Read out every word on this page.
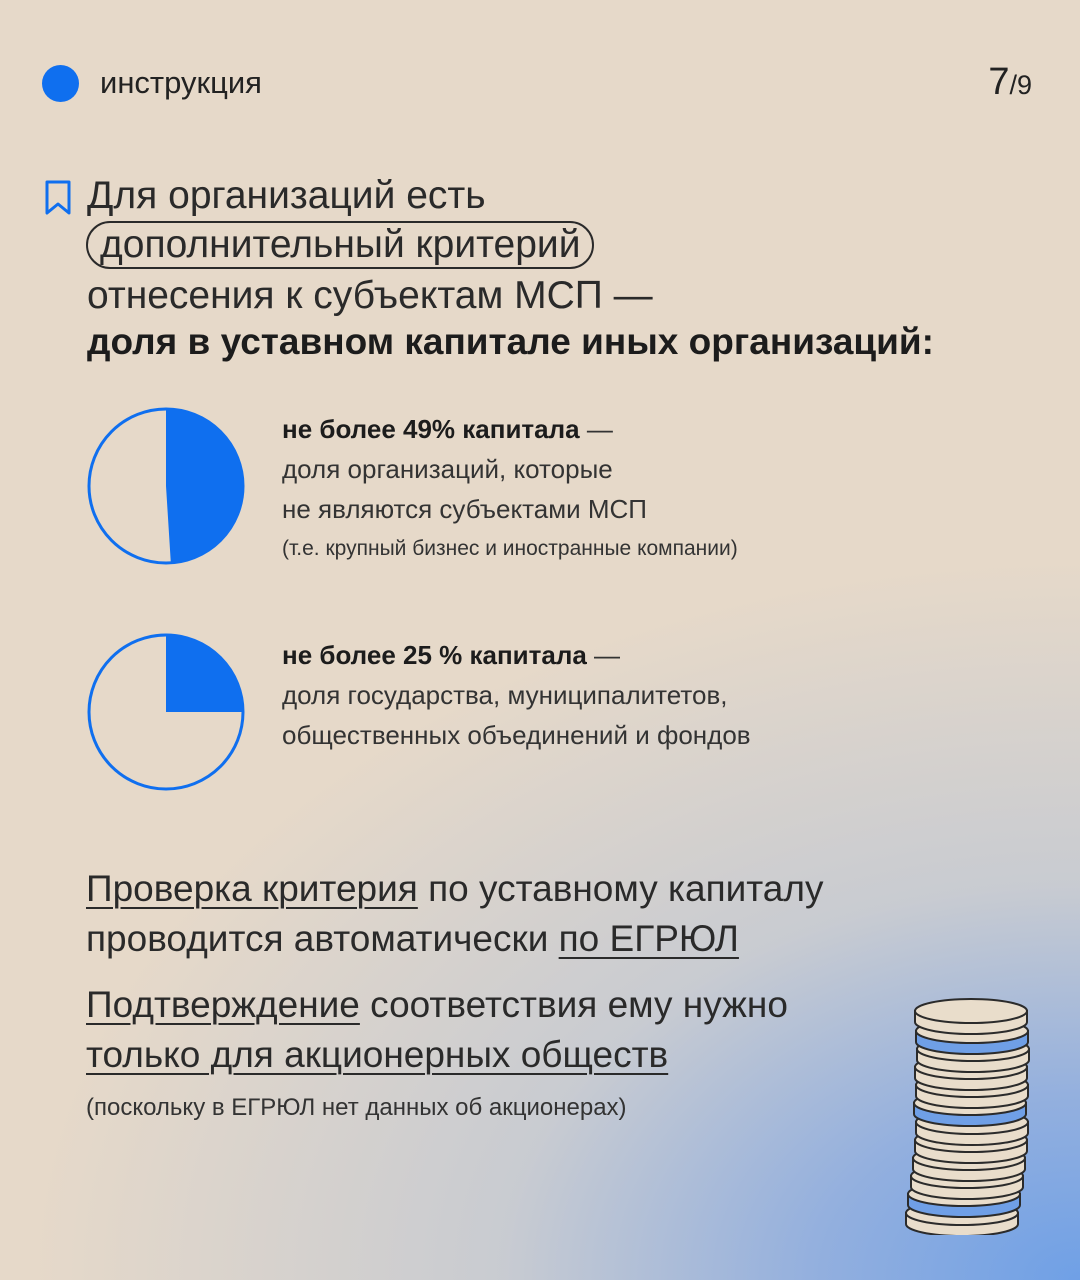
инструкция	7/9
Для организаций есть
дополнительный критерий
отнесения к субъектам МСП —
доля в уставном капитале иных организаций:
не более 49% капитала —
доля организаций, которые
не являются субъектами МСП
(т.е. крупный бизнес и иностранные компании)
не более 25 % капитала —
доля государства, муниципалитетов,
общественных объединений и фондов
Проверка критерия по уставному капиталу
проводится автоматически по ЕГРЮЛ
Подтверждение соответствия ему нужно
только для акционерных обществ
(поскольку в ЕГРЮЛ нет данных об акционерах)
